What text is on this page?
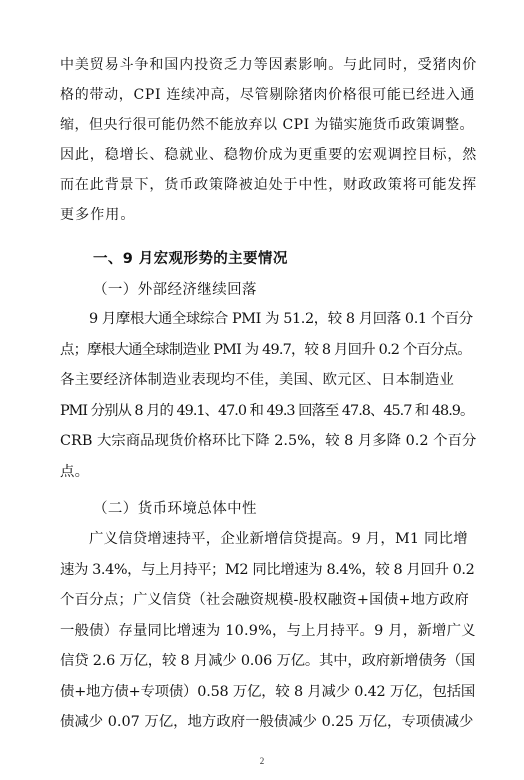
中美贸易斗争和国内投资乏力等因素影响。与此同时，受猪肉价
格的带动，CPI 连续冲高，尽管剔除猪肉价格很可能已经进入通
缩，但央行很可能仍然不能放弃以 CPI 为锚实施货币政策调整。
因此，稳增长、稳就业、稳物价成为更重要的宏观调控目标，然
而在此背景下，货币政策降被迫处于中性，财政政策将可能发挥
更多作用。
一、9 月宏观形势的主要情况
（一）外部经济继续回落
9 月摩根大通全球综合 PMI 为 51.2，较 8 月回落 0.1 个百分
点；摩根大通全球制造业 PMI 为 49.7，较 8 月回升 0.2 个百分点。
各主要经济体制造业表现均不佳，美国、欧元区、日本制造业
PMI 分别从 8 月的 49.1、47.0 和 49.3 回落至 47.8、45.7 和 48.9。
CRB 大宗商品现货价格环比下降 2.5%，较 8 月多降 0.2 个百分
点。
（二）货币环境总体中性
广义信贷增速持平，企业新增信贷提高。9 月，M1 同比增
速为 3.4%，与上月持平；M2 同比增速为 8.4%，较 8 月回升 0.2
个百分点；广义信贷（社会融资规模-股权融资+国债+地方政府
一般债）存量同比增速为 10.9%，与上月持平。9 月，新增广义
信贷 2.6 万亿，较 8 月减少 0.06 万亿。其中，政府新增债务（国
债+地方债+专项债）0.58 万亿，较 8 月减少 0.42 万亿，包括国
债减少 0.07 万亿，地方政府一般债减少 0.25 万亿，专项债减少
2
